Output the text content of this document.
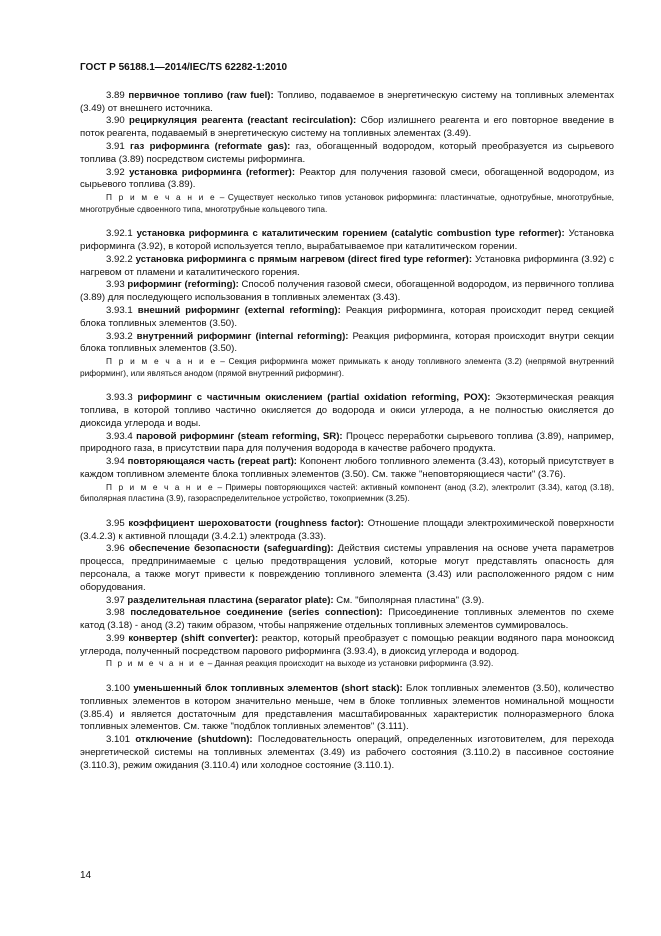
ГОСТ Р 56188.1—2014/IEC/TS 62282-1:2010

3.89 первичное топливо (raw fuel): Топливо, подаваемое в энергетическую систему на топливных элементах (3.49) от внешнего источника.

3.90 рециркуляция реагента (reactant recirculation): Сбор излишнего реагента и его повторное введение в поток реагента, подаваемый в энергетическую систему на топливных элементах (3.49).

3.91 газ риформинга (reformate gas): газ, обогащенный водородом, который преобразуется из сырьевого топлива (3.89) посредством системы риформинга.

3.92 установка риформинга (reformer): Реактор для получения газовой смеси, обогащенной водородом, из сырьевого топлива (3.89).

П р и м е ч а н и е – Существует несколько типов установок риформинга: пластинчатые, однотрубные, многотрубные, многотрубные сдвоенного типа, многотрубные кольцевого типа.

3.92.1 установка риформинга с каталитическим горением (catalytic combustion type reformer): Установка риформинга (3.92), в которой используется тепло, вырабатываемое при каталитическом горении.

3.92.2 установка риформинга с прямым нагревом (direct fired type reformer): Установка риформинга (3.92) с нагревом от пламени и каталитического горения.

3.93 риформинг (reforming): Способ получения газовой смеси, обогащенной водородом, из первичного топлива (3.89) для последующего использования в топливных элементах (3.43).

3.93.1 внешний риформинг (external reforming): Реакция риформинга, которая происходит перед секцией блока топливных элементов (3.50).

3.93.2 внутренний риформинг (internal reforming): Реакция риформинга, которая происходит внутри секции блока топливных элементов (3.50).

П р и м е ч а н и е – Секция риформинга может примыкать к аноду топливного элемента (3.2) (непрямой внутренний риформинг), или являться анодом (прямой внутренний риформинг).

3.93.3 риформинг с частичным окислением (partial oxidation reforming, POX): Экзотермическая реакция топлива, в которой топливо частично окисляется до водорода и окиси углерода, а не полностью окисляется до диоксида углерода и воды.

3.93.4 паровой риформинг (steam reforming, SR): Процесс переработки сырьевого топлива (3.89), например, природного газа, в присутствии пара для получения водорода в качестве рабочего продукта.

3.94 повторяющаяся часть (repeat part): Кoпонент любого топливного элемента (3.43), который присутствует в каждом топливном элементе блока топливных элементов (3.50). См. также "неповторяющиеся части" (3.76).

П р и м е ч а н и е – Примеры повторяющихся частей: активный компонент (анод (3.2), электролит (3.34), катод (3.18), биполярная пластина (3.9), газораспределительное устройство, токоприемник (3.25).

3.95 коэффициент шероховатости (roughness factor): Отношение площади электрохимической поверхности (3.4.2.3) к активной площади (3.4.2.1) электрода (3.33).

3.96 обеспечение безопасности (safeguarding): Действия системы управления на основе учета параметров процесса, предпринимаемые с целью предотвращения условий, которые могут представлять опасность для персонала, а также могут привести к повреждению топливного элемента (3.43) или расположенного рядом с ним оборудования.

3.97 разделительная пластина (separator plate): См. "биполярная пластина" (3.9).

3.98 последовательное соединение (series connection): Присоединение топливных элементов по схеме катод (3.18) - анод (3.2) таким образом, чтобы напряжение отдельных топливных элементов суммировалось.

3.99 конвертер (shift converter): реактор, который преобразует с помощью реакции водяного пара монооксид углерода, полученный посредством парового риформинга (3.93.4), в диоксид углерода и водород.

П р и м е ч а н и е – Данная реакция происходит на выходе из установки риформинга (3.92).

3.100 уменьшенный блок топливных элементов (short stack): Блок топливных элементов (3.50), количество топливных элементов в котором значительно меньше, чем в блоке топливных элементов номинальной мощности (3.85.4) и является достаточным для представления масштабированных характеристик полноразмерного блока топливных элементов. См. также "подблок топливных элементов" (3.111).

3.101 отключение (shutdown): Последовательность операций, определенных изготовителем, для перехода энергетической системы на топливных элементах (3.49) из рабочего состояния (3.110.2) в пассивное состояние (3.110.3), режим ожидания (3.110.4) или холодное состояние (3.110.1).

14
